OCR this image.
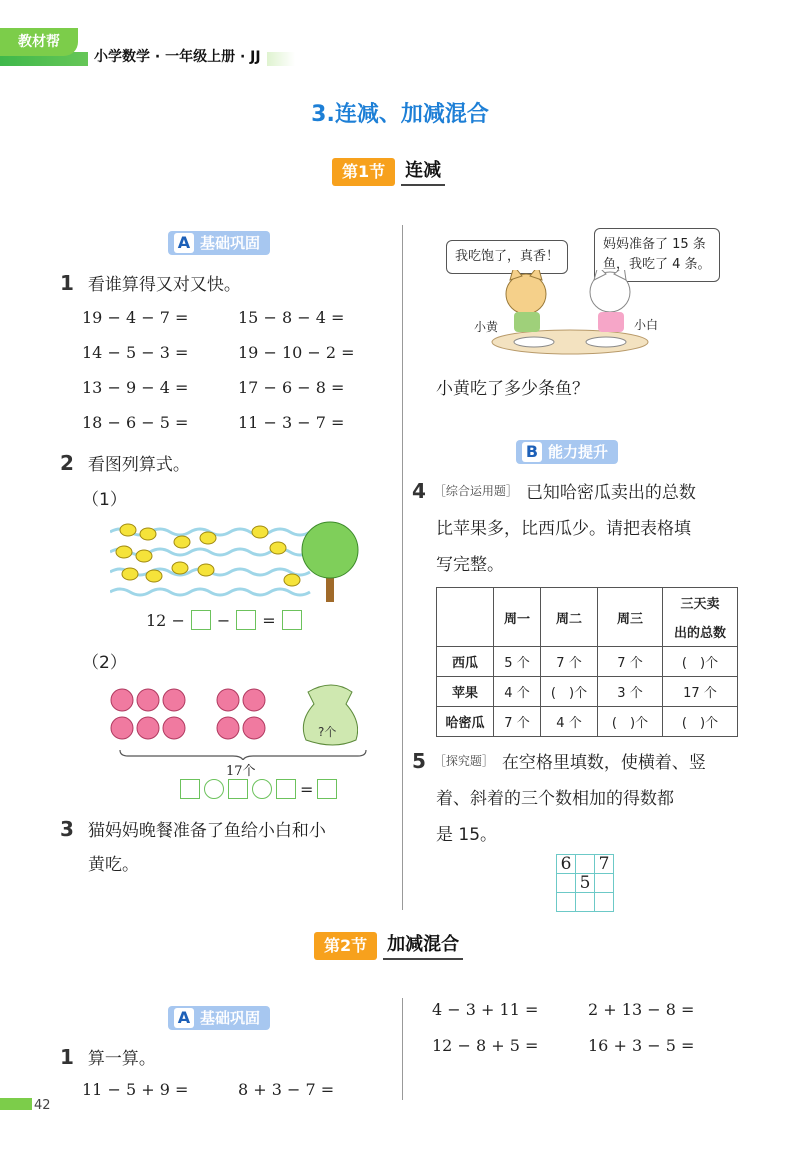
教材帮
小学数学 · 一年级上册 · JJ
3.连减、加减混合
第1节	连减
A 基础巩固
1 看谁算得又对又快。
19 − 4 − 7 =	15 − 8 − 4 =
14 − 5 − 3 =	19 − 10 − 2 =
13 − 9 − 4 =	17 − 6 − 8 =
18 − 6 − 5 =	11 − 3 − 7 =
2 看图列算式。
（1）
12 − − =
（2）
?个
17个
=
3 猫妈妈晚餐准备了鱼给小白和小
黄吃。
我吃饱了，真香！
妈妈准备了 15 条
鱼，我吃了 4 条。
小黄	小白
小黄吃了多少条鱼？
B 能力提升
4 ［综合运用题］ 已知哈密瓜卖出的总数
比苹果多，比西瓜少。请把表格填
写完整。
	周一	周二	周三	三天卖
				出的总数
西瓜	5 个	7 个	7 个	(　)个
苹果	4 个	(　)个	3 个	17 个
哈密瓜	7 个	4 个	(　)个	(　)个
5 ［探究题］ 在空格里填数，使横着、竖
着、斜着的三个数相加的得数都
是 15。
6		7
	5	

第2节	加减混合
A 基础巩固
1 算一算。
11 − 5 + 9 =	8 + 3 − 7 =
4 − 3 + 11 =	2 + 13 − 8 =
12 − 8 + 5 =	16 + 3 − 5 =
42
